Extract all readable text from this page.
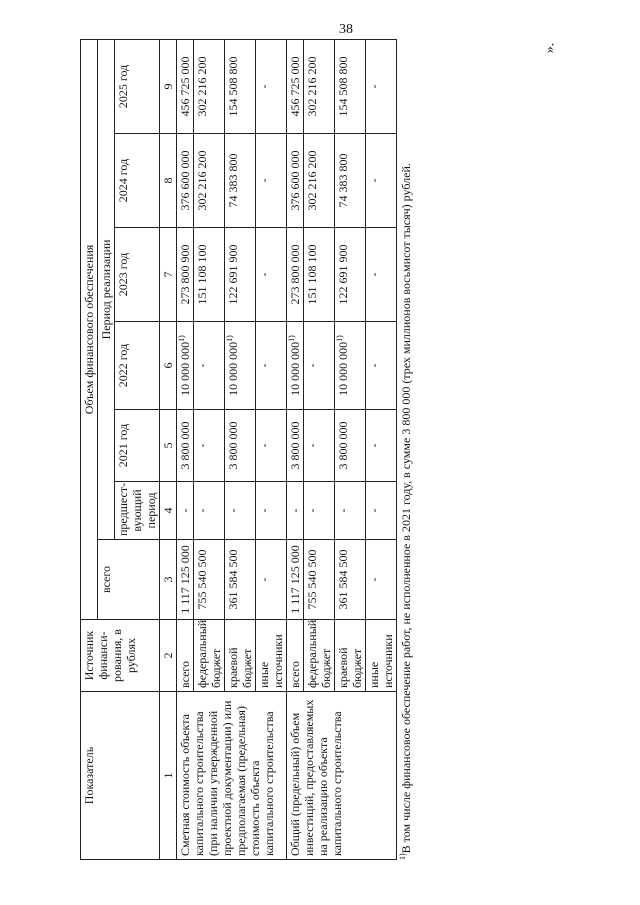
38
».
Показатель	Источник финанси-рования, в рублях	Объем финансового обеспечения						
		всего	Период реализации					
			предшест-вующий период	2021 год	2022 год	2023 год	2024 год	2025 год
1	2	3	4	5	6	7	8	9
Сметная стоимость объекта капитального строительства (при наличии утвержденной проектной документации) или предполагаемая (предельная) стоимость объекта капитального строительства	всего	1 117 125 000	-	3 800 000	10 000 000$^{1)}$	273 800 900	376 600 000	456 725 000
	федеральный бюджет	755 540 500	-	-	-	151 108 100	302 216 200	302 216 200
	краевой бюджет	361 584 500	-	3 800 000	10 000 000$^{1)}$	122 691 900	74 383 800	154 508 800
	иные источники	-	-	-	-	-	-	-
Общий (предельный) объем инвестиций, предоставляемых на реализацию объекта капитального строительства	всего	1 117 125 000	-	3 800 000	10 000 000$^{1)}$	273 800 000	376 600 000	456 725 000
	федеральный бюджет	755 540 500	-	-	-	151 108 100	302 216 200	302 216 200
	краевой бюджет	361 584 500	-	3 800 000	10 000 000$^{1)}$	122 691 900	74 383 800	154 508 800
	иные источники	-	-	-	-	-	-	-
$^{1)}$В том числе финансовое обеспечение работ, не исполненное в 2021 году, в сумме 3 800 000 (трех миллионов восьмисот тысяч) рублей.
